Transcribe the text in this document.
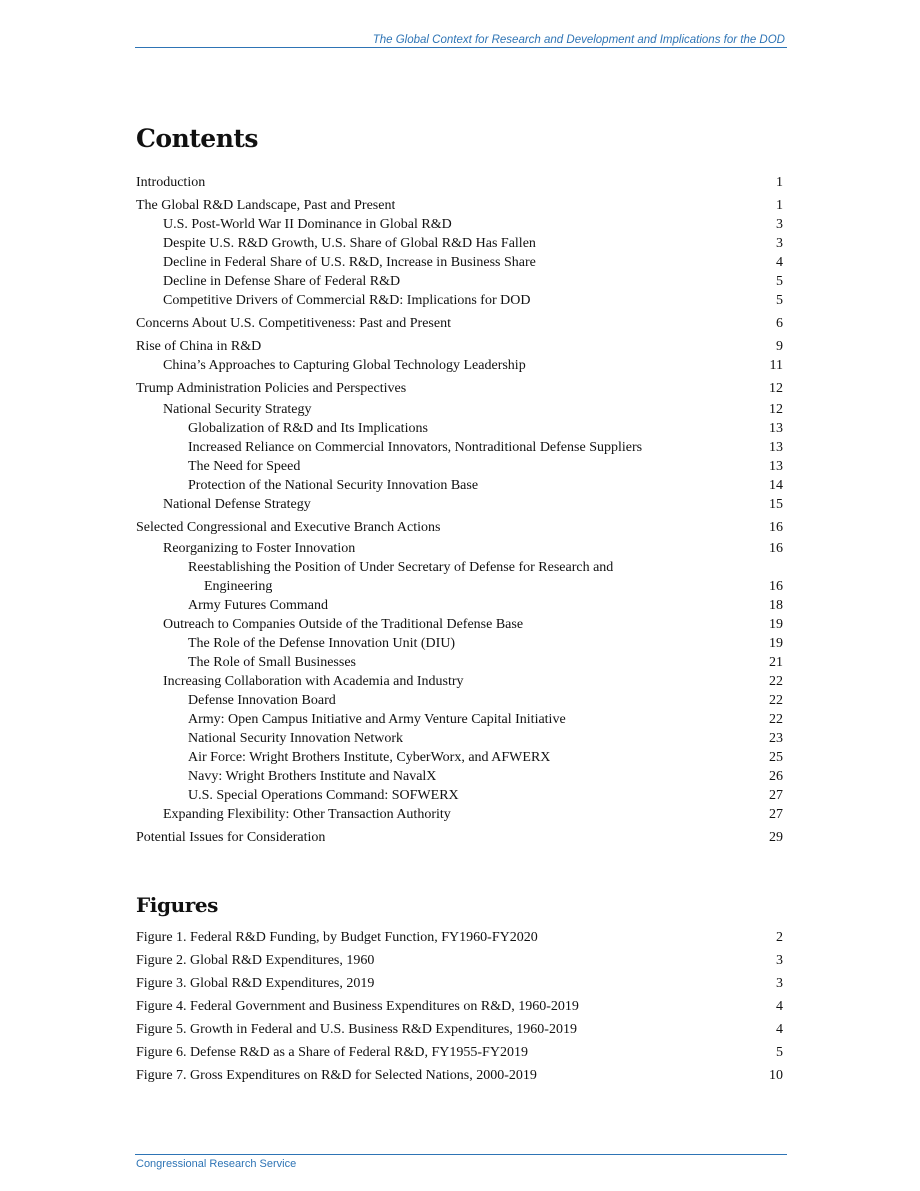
The Global Context for Research and Development and Implications for the DOD
Contents
Introduction	1
The Global R&D Landscape, Past and Present	1
U.S. Post-World War II Dominance in Global R&D	3
Despite U.S. R&D Growth, U.S. Share of Global R&D Has Fallen	3
Decline in Federal Share of U.S. R&D, Increase in Business Share	4
Decline in Defense Share of Federal R&D	5
Competitive Drivers of Commercial R&D: Implications for DOD	5
Concerns About U.S. Competitiveness: Past and Present	6
Rise of China in R&D	9
China’s Approaches to Capturing Global Technology Leadership	11
Trump Administration Policies and Perspectives	12
National Security Strategy	12
Globalization of R&D and Its Implications	13
Increased Reliance on Commercial Innovators, Nontraditional Defense Suppliers	13
The Need for Speed	13
Protection of the National Security Innovation Base	14
National Defense Strategy	15
Selected Congressional and Executive Branch Actions	16
Reorganizing to Foster Innovation	16
Reestablishing the Position of Under Secretary of Defense for Research and
Engineering	16
Army Futures Command	18
Outreach to Companies Outside of the Traditional Defense Base	19
The Role of the Defense Innovation Unit (DIU)	19
The Role of Small Businesses	21
Increasing Collaboration with Academia and Industry	22
Defense Innovation Board	22
Army: Open Campus Initiative and Army Venture Capital Initiative	22
National Security Innovation Network	23
Air Force: Wright Brothers Institute, CyberWorx, and AFWERX	25
Navy: Wright Brothers Institute and NavalX	26
U.S. Special Operations Command: SOFWERX	27
Expanding Flexibility: Other Transaction Authority	27
Potential Issues for Consideration	29
Figures
Figure 1. Federal R&D Funding, by Budget Function, FY1960-FY2020	2
Figure 2. Global R&D Expenditures, 1960	3
Figure 3. Global R&D Expenditures, 2019	3
Figure 4. Federal Government and Business Expenditures on R&D, 1960-2019	4
Figure 5. Growth in Federal and U.S. Business R&D Expenditures, 1960-2019	4
Figure 6. Defense R&D as a Share of Federal R&D, FY1955-FY2019	5
Figure 7. Gross Expenditures on R&D for Selected Nations, 2000-2019	10
Congressional Research Service
